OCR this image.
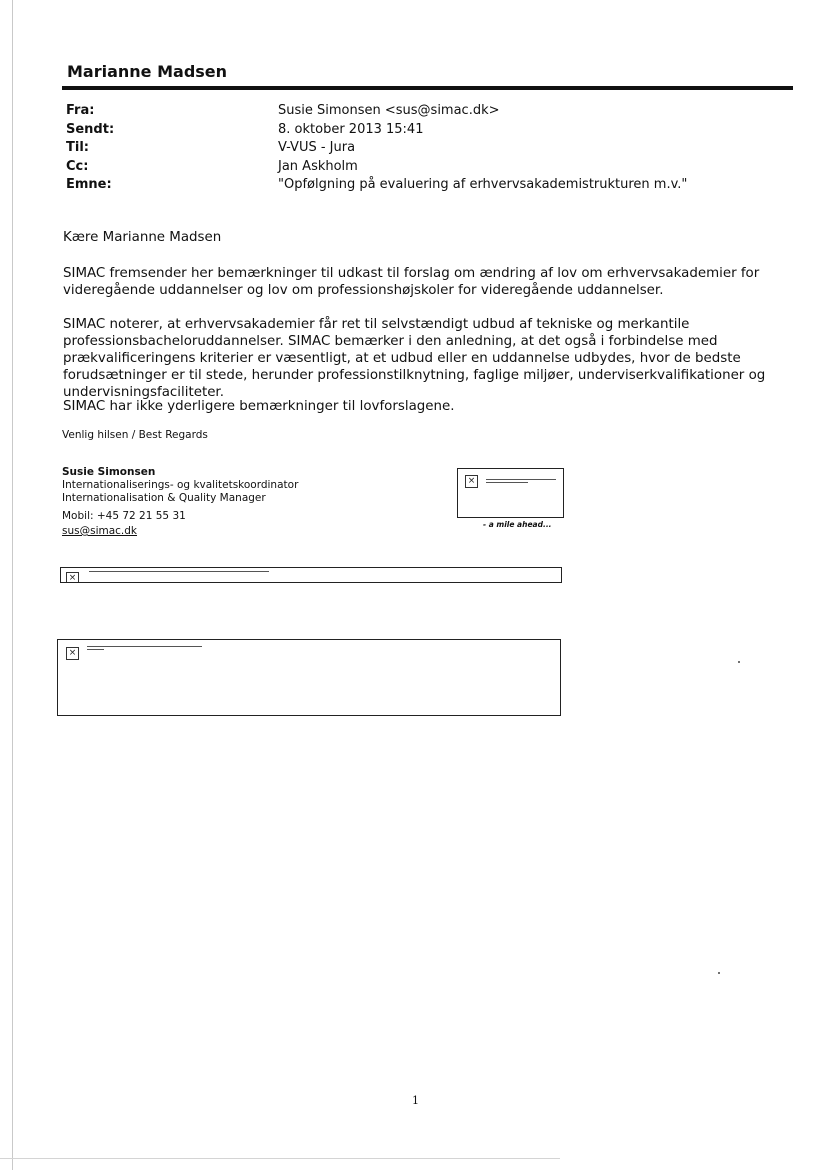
Marianne Madsen
Fra:
Sendt:
Til:
Cc:
Emne:
Susie Simonsen <sus@simac.dk>
8. oktober 2013 15:41
V-VUS - Jura
Jan Askholm
"Opfølgning på evaluering af erhvervsakademistrukturen m.v."
Kære Marianne Madsen
SIMAC fremsender her bemærkninger til udkast til forslag om ændring af lov om erhvervsakademier for videregående uddannelser og lov om professionshøjskoler for videregående uddannelser.
SIMAC noterer, at erhvervsakademier får ret til selvstændigt udbud af tekniske og merkantile professionsbacheloruddannelser. SIMAC bemærker i den anledning, at det også i forbindelse med prækvalificeringens kriterier er væsentligt, at et udbud eller en uddannelse udbydes, hvor de bedste forudsætninger er til stede, herunder professionstilknytning, faglige miljøer, underviserkvalifikationer og undervisningsfaciliteter.
SIMAC har ikke yderligere bemærkninger til lovforslagene.
Venlig hilsen / Best Regards
Susie Simonsen
Internationaliserings- og kvalitetskoordinator
Internationalisation & Quality Manager
Mobil: +45 72 21 55 31
sus@simac.dk
×
- a mile ahead...
×
×
1
